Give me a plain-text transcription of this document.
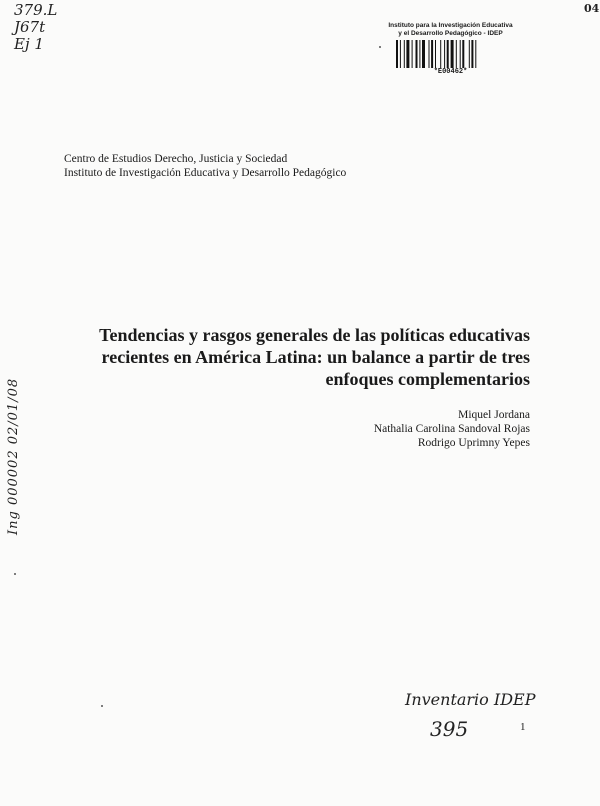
379.L
J67t
Ej 1
04
Instituto para la Investigación Educativa
y el Desarrollo Pedagógico - IDEP
*E00462*
Centro de Estudios Derecho, Justicia y Sociedad
Instituto de Investigación Educativa y Desarrollo Pedagógico
Tendencias y rasgos generales de las políticas educativas
recientes en América Latina: un balance a partir de tres
enfoques complementarios
Miquel Jordana
Nathalia Carolina Sandoval Rojas
Rodrigo Uprimny Yepes
Ing 000002 02/01/08
Inventario IDEP
395	1
